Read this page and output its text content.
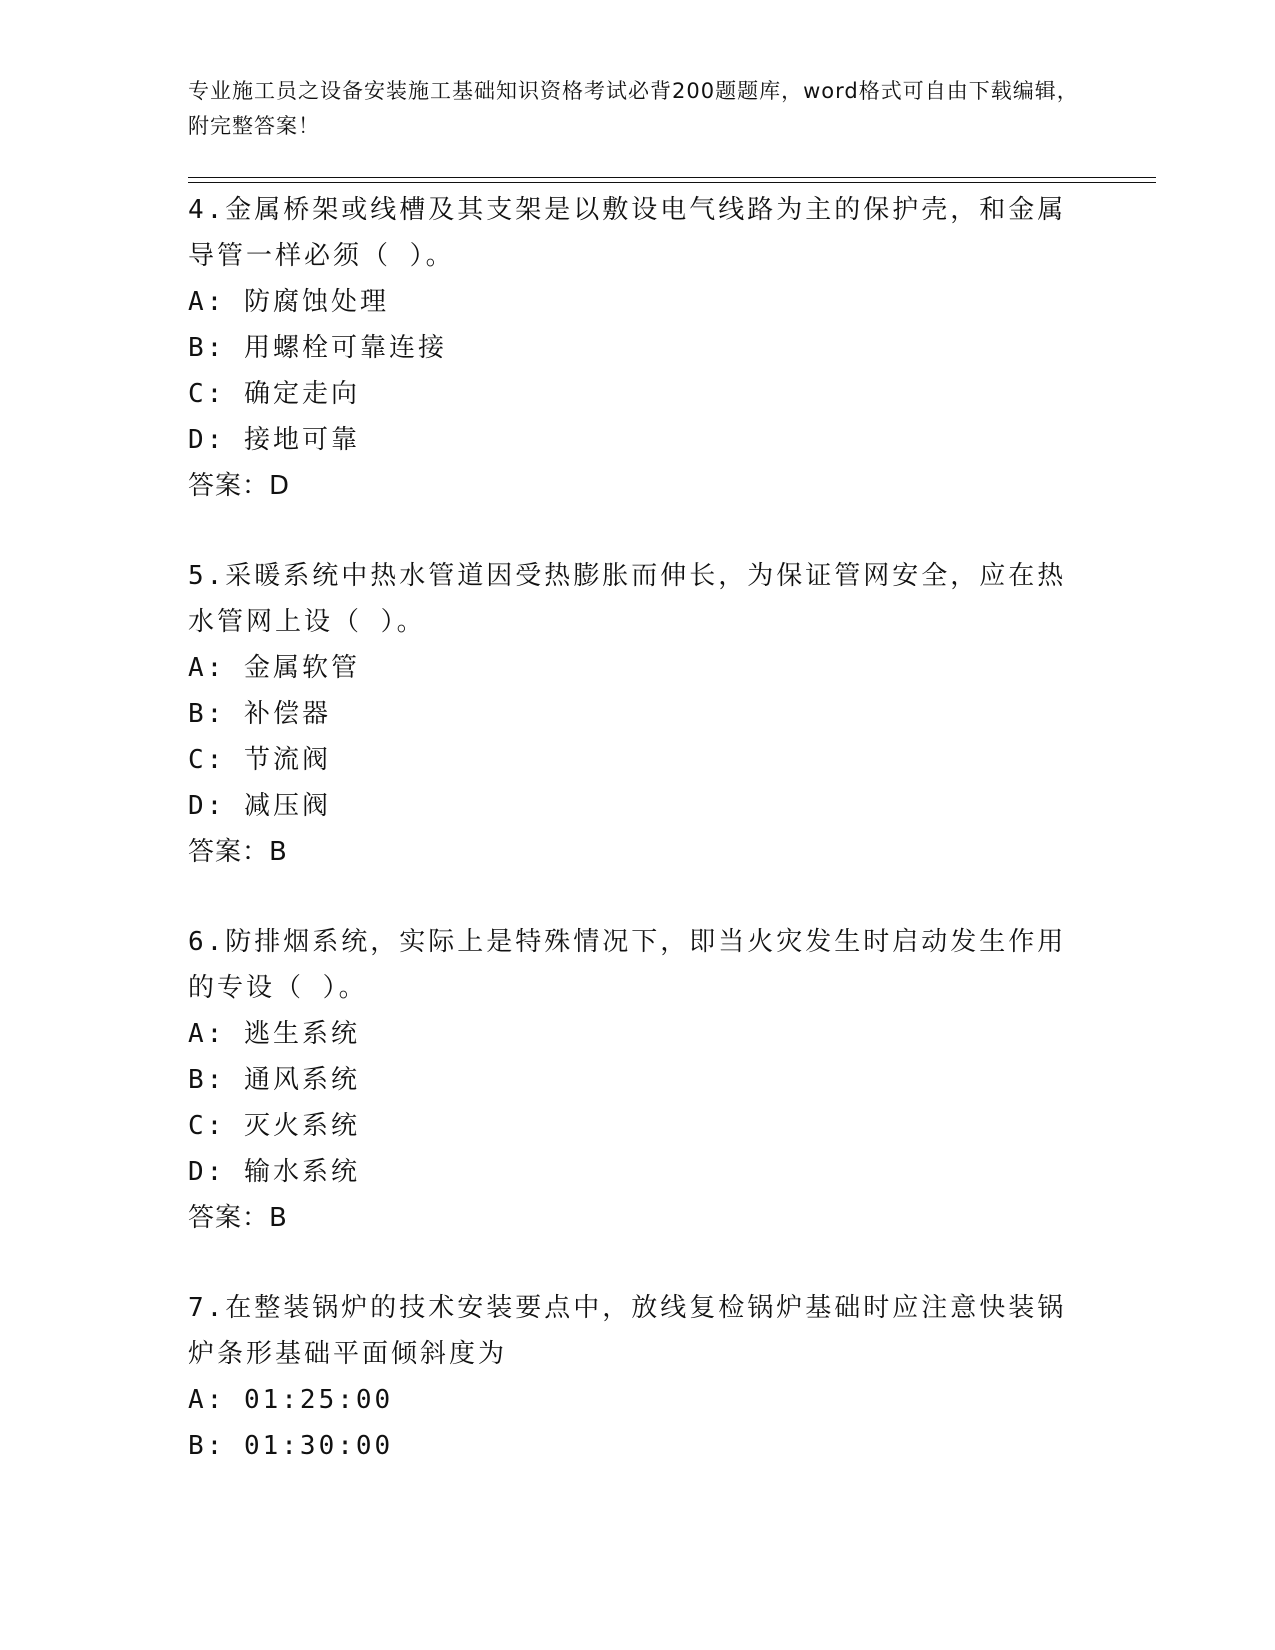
专业施工员之设备安装施工基础知识资格考试必背200题题库，word格式可自由下载编辑，附完整答案！
4.金属桥架或线槽及其支架是以敷设电气线路为主的保护壳，和金属导管一样必须（ ）。
A: 防腐蚀处理
B: 用螺栓可靠连接
C: 确定走向
D: 接地可靠
答案：D
5.采暖系统中热水管道因受热膨胀而伸长，为保证管网安全，应在热水管网上设（ ）。
A: 金属软管
B: 补偿器
C: 节流阀
D: 减压阀
答案：B
6.防排烟系统，实际上是特殊情况下，即当火灾发生时启动发生作用的专设（ ）。
A: 逃生系统
B: 通风系统
C: 灭火系统
D: 输水系统
答案：B
7.在整装锅炉的技术安装要点中，放线复检锅炉基础时应注意快装锅炉条形基础平面倾斜度为
A: 01:25:00
B: 01:30:00
